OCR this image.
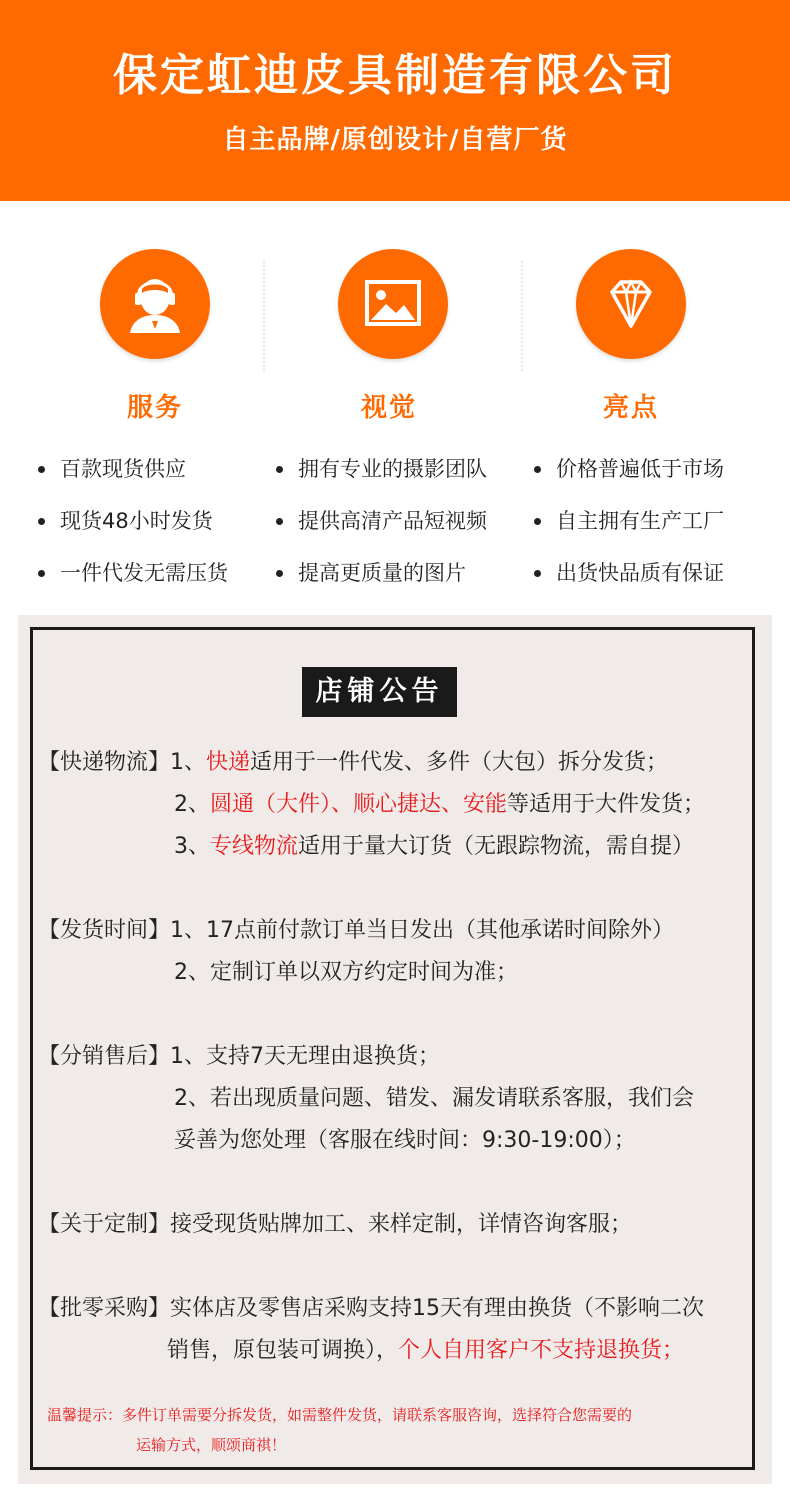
保定虹迪皮具制造有限公司
自主品牌/原创设计/自营厂货
服务
百款现货供应
现货48小时发货
一件代发无需压货
视觉
拥有专业的摄影团队
提供高清产品短视频
提高更质量的图片
亮点
价格普遍低于市场
自主拥有生产工厂
出货快品质有保证
店铺公告
【快递物流】1、快递适用于一件代发、多件（大包）拆分发货；
2、圆通（大件）、顺心捷达、安能等适用于大件发货；
3、专线物流适用于量大订货（无跟踪物流，需自提）
【发货时间】1、17点前付款订单当日发出（其他承诺时间除外）
2、定制订单以双方约定时间为准；
【分销售后】1、支持7天无理由退换货；
2、若出现质量问题、错发、漏发请联系客服，我们会
妥善为您处理（客服在线时间：9:30-19:00）；
【关于定制】接受现货贴牌加工、来样定制，详情咨询客服；
【批零采购】实体店及零售店采购支持15天有理由换货（不影响二次
销售，原包装可调换），个人自用客户不支持退换货；
温馨提示：多件订单需要分拆发货，如需整件发货，请联系客服咨询，选择符合您需要的
运输方式，顺颂商祺！
